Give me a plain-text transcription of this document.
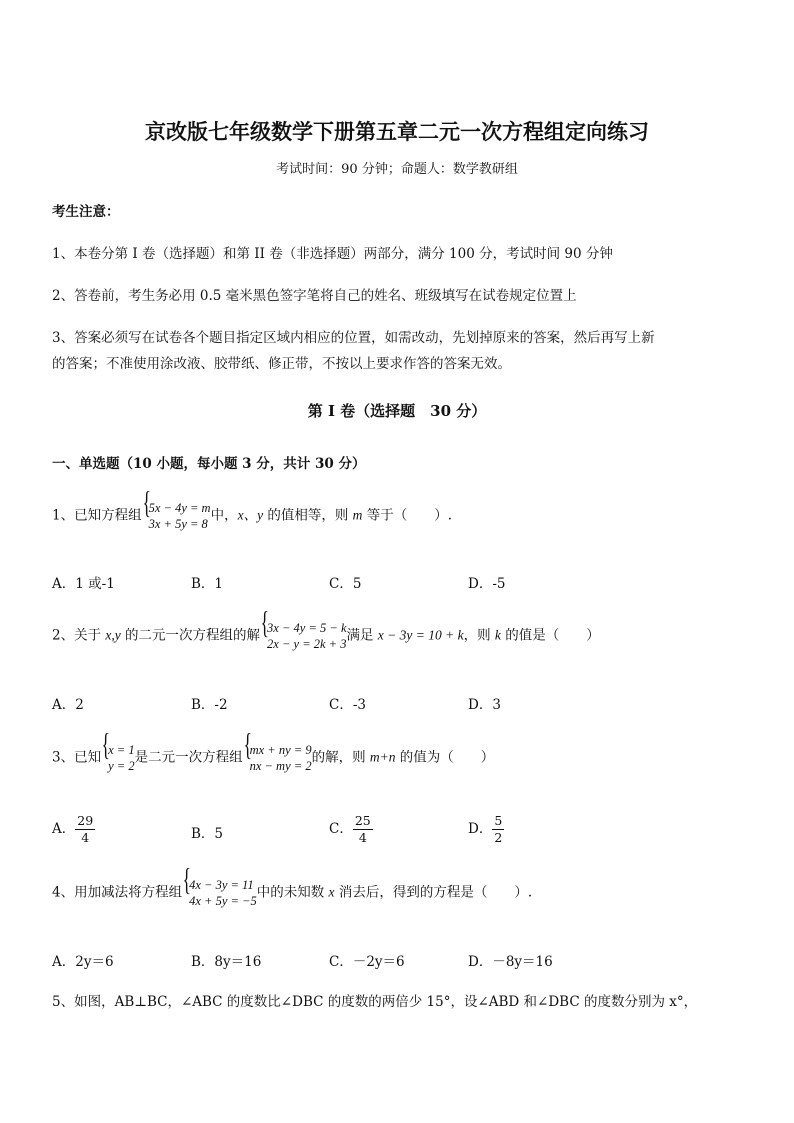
京改版七年级数学下册第五章二元一次方程组定向练习
考试时间：90 分钟；命题人：数学教研组
考生注意：
1、本卷分第 I 卷（选择题）和第 II 卷（非选择题）两部分，满分 100 分，考试时间 90 分钟
2、答卷前，考生务必用 0.5 毫米黑色签字笔将自己的姓名、班级填写在试卷规定位置上
3、答案必须写在试卷各个题目指定区域内相应的位置，如需改动，先划掉原来的答案，然后再写上新
的答案；不准使用涂改液、胶带纸、修正带，不按以上要求作答的答案无效。
第 I 卷（选择题　30 分）
一、单选题（10 小题，每小题 3 分，共计 30 分）
1、已知方程组 { 5x − 4y = m
3x + 5y = 8
中，x、y 的值相等，则 m 等于（　　）.
A．1 或-1	B．1	C．5	D．-5
2、关于 x,y 的二元一次方程组的解 { 3x − 4y = 5 − k
2x − y = 2k + 3
满足 x − 3y = 10 + k，则 k 的值是（　　）
A．2	B．-2	C．-3	D．3
3、已知 { x = 1
y = 2
是二元一次方程组 { mx + ny = 9
nx − my = 2
的解，则 m+n 的值为（　　）
A． $\frac{29}{4}$	B．5	C． $\frac{25}{4}$	D． $\frac{5}{2}$
4、用加减法将方程组 { 4x − 3y = 11
4x + 5y = −5
中的未知数 x 消去后，得到的方程是（　　）.
A．2y＝6	B．8y＝16	C．－2y＝6	D．－8y＝16
5、如图，AB⊥BC，∠ABC 的度数比∠DBC 的度数的两倍少 15°，设∠ABD 和∠DBC 的度数分别为 x°，
